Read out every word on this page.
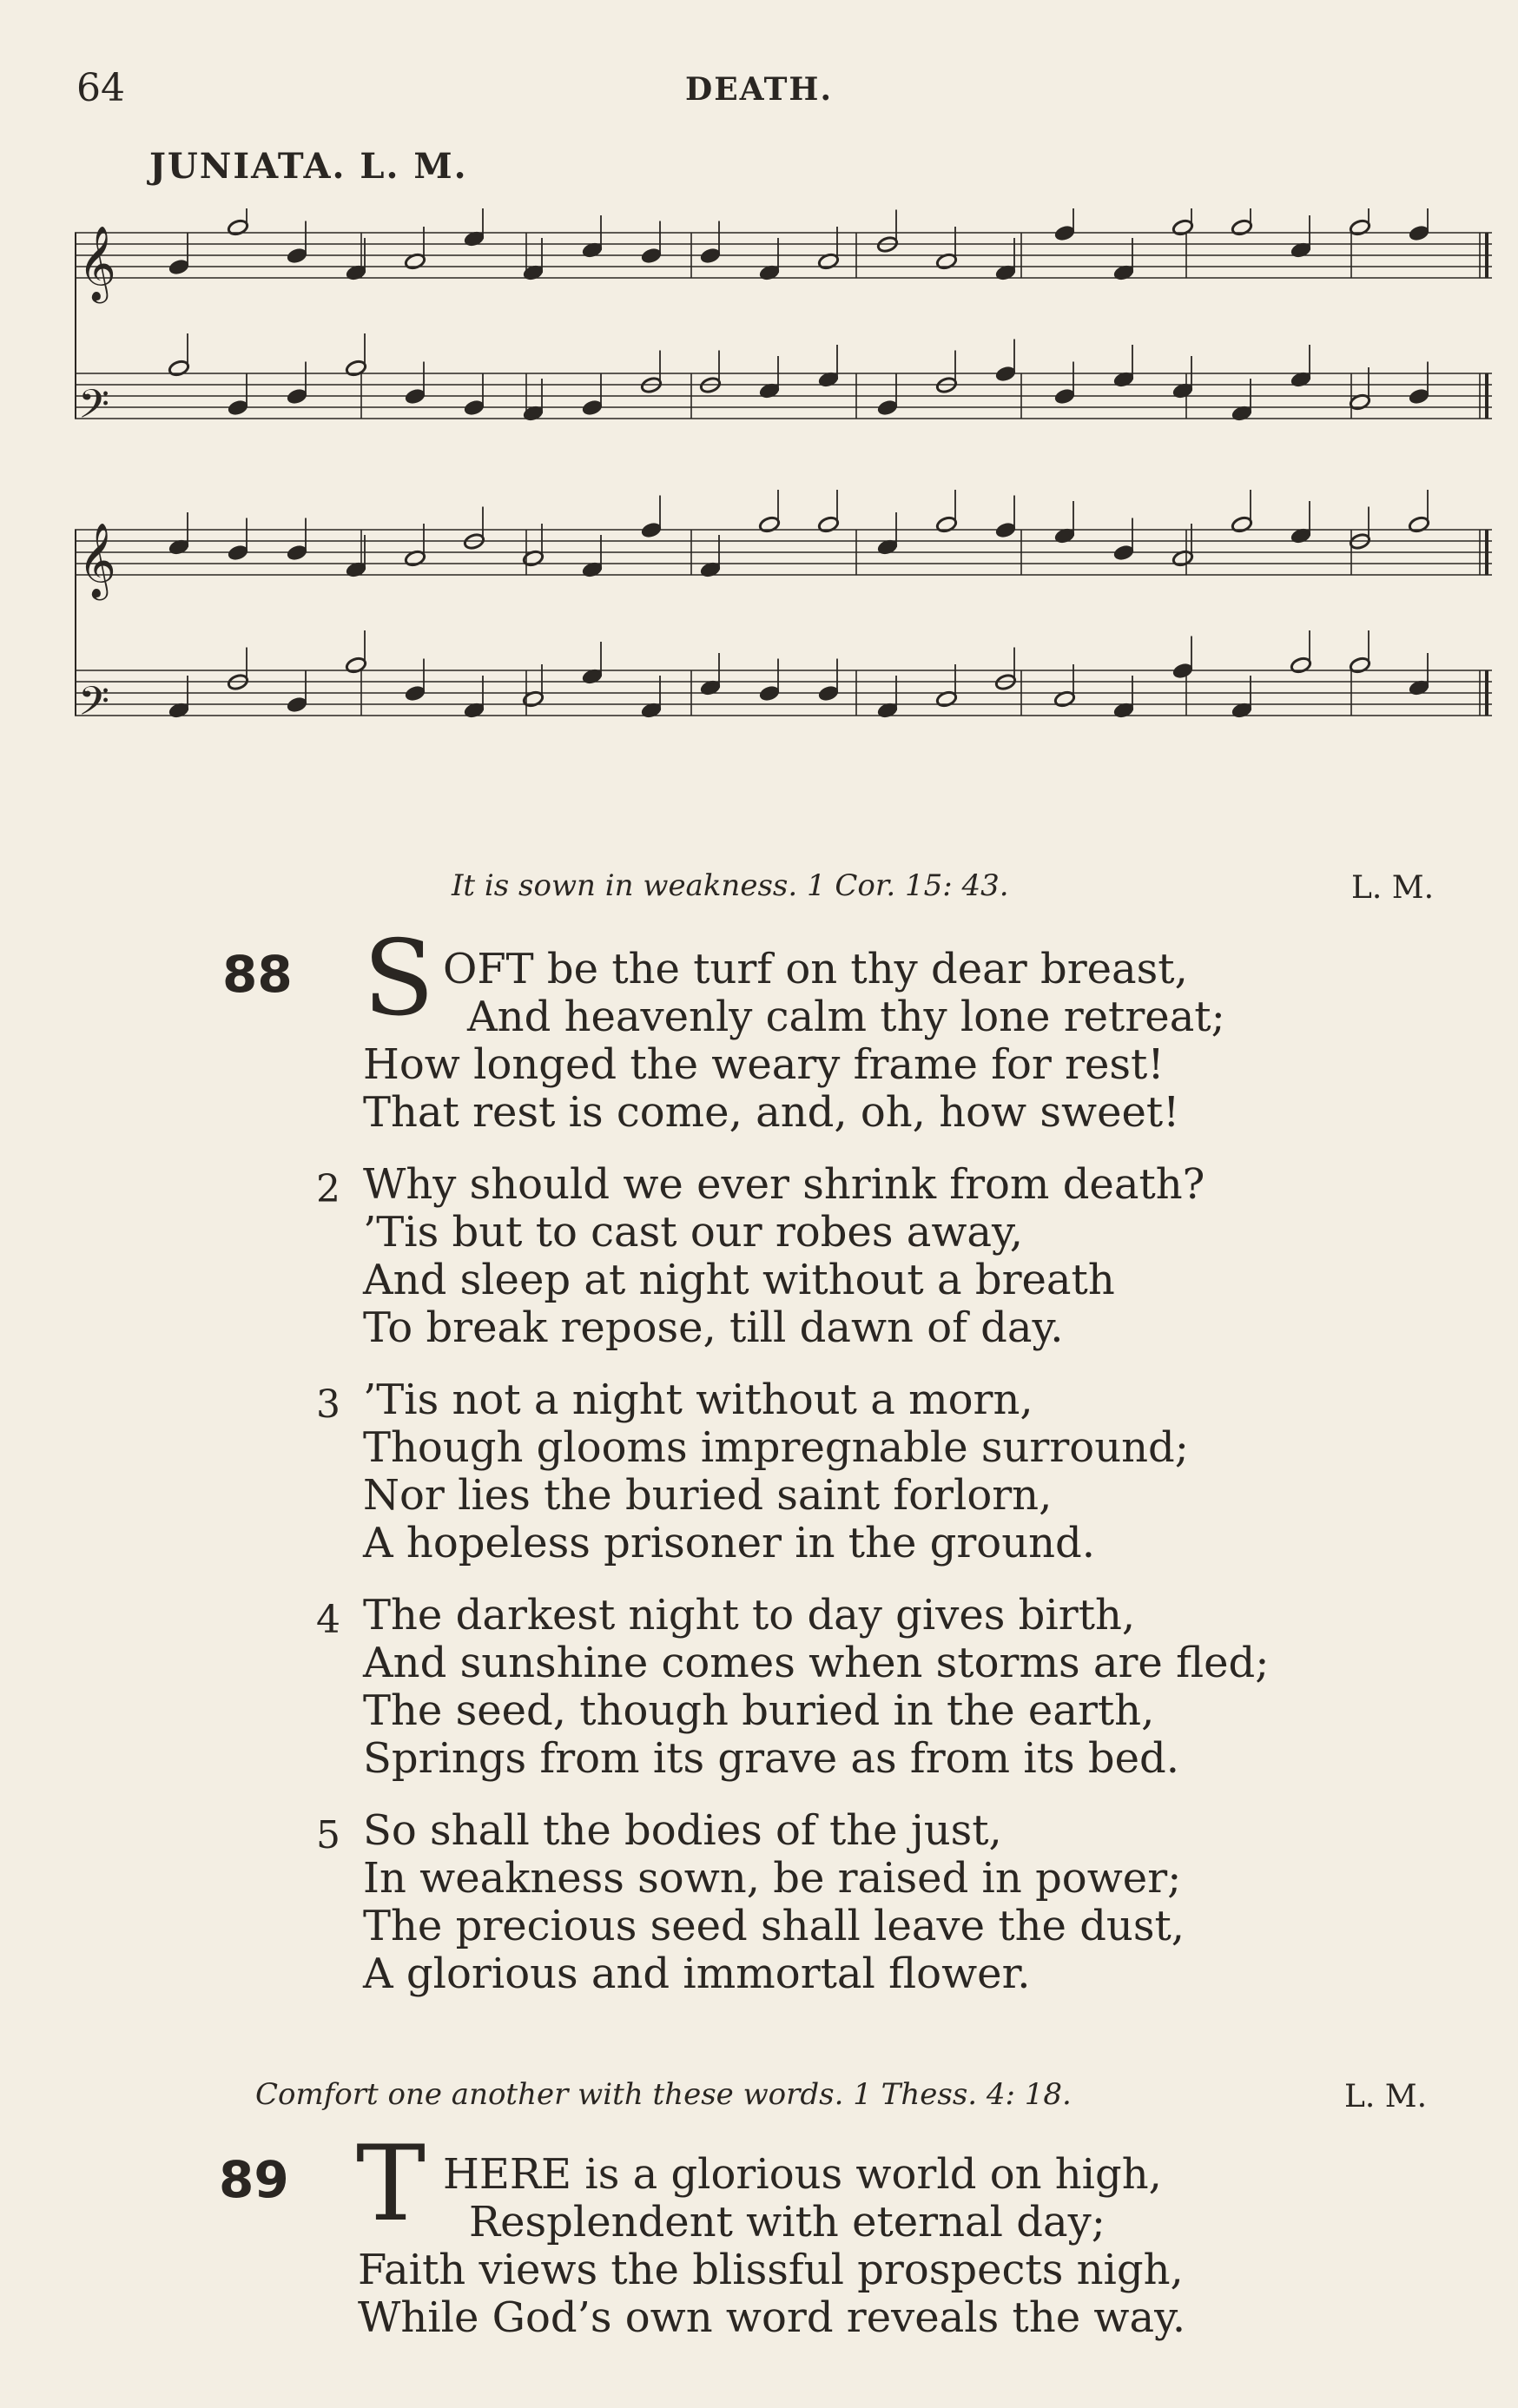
64	DEATH.
JUNIATA. L. M.
𝄞
𝄢
𝄞
𝄢
It is sown in weakness. 1 Cor. 15: 43.	L. M.
88 S OFT be the turf on thy dear breast,
And heavenly calm thy lone retreat;
How longed the weary frame for rest!
That rest is come, and, oh, how sweet!
2 Why should we ever shrink from death?
’Tis but to cast our robes away,
And sleep at night without a breath
To break repose, till dawn of day.
3 ’Tis not a night without a morn,
Though glooms impregnable surround;
Nor lies the buried saint forlorn,
A hopeless prisoner in the ground.
4 The darkest night to day gives birth,
And sunshine comes when storms are fled;
The seed, though buried in the earth,
Springs from its grave as from its bed.
5 So shall the bodies of the just,
In weakness sown, be raised in power;
The precious seed shall leave the dust,
A glorious and immortal flower.
Comfort one another with these words. 1 Thess. 4: 18.	L. M.
89 T HERE is a glorious world on high,
Resplendent with eternal day;
Faith views the blissful prospects nigh,
While God’s own word reveals the way.
